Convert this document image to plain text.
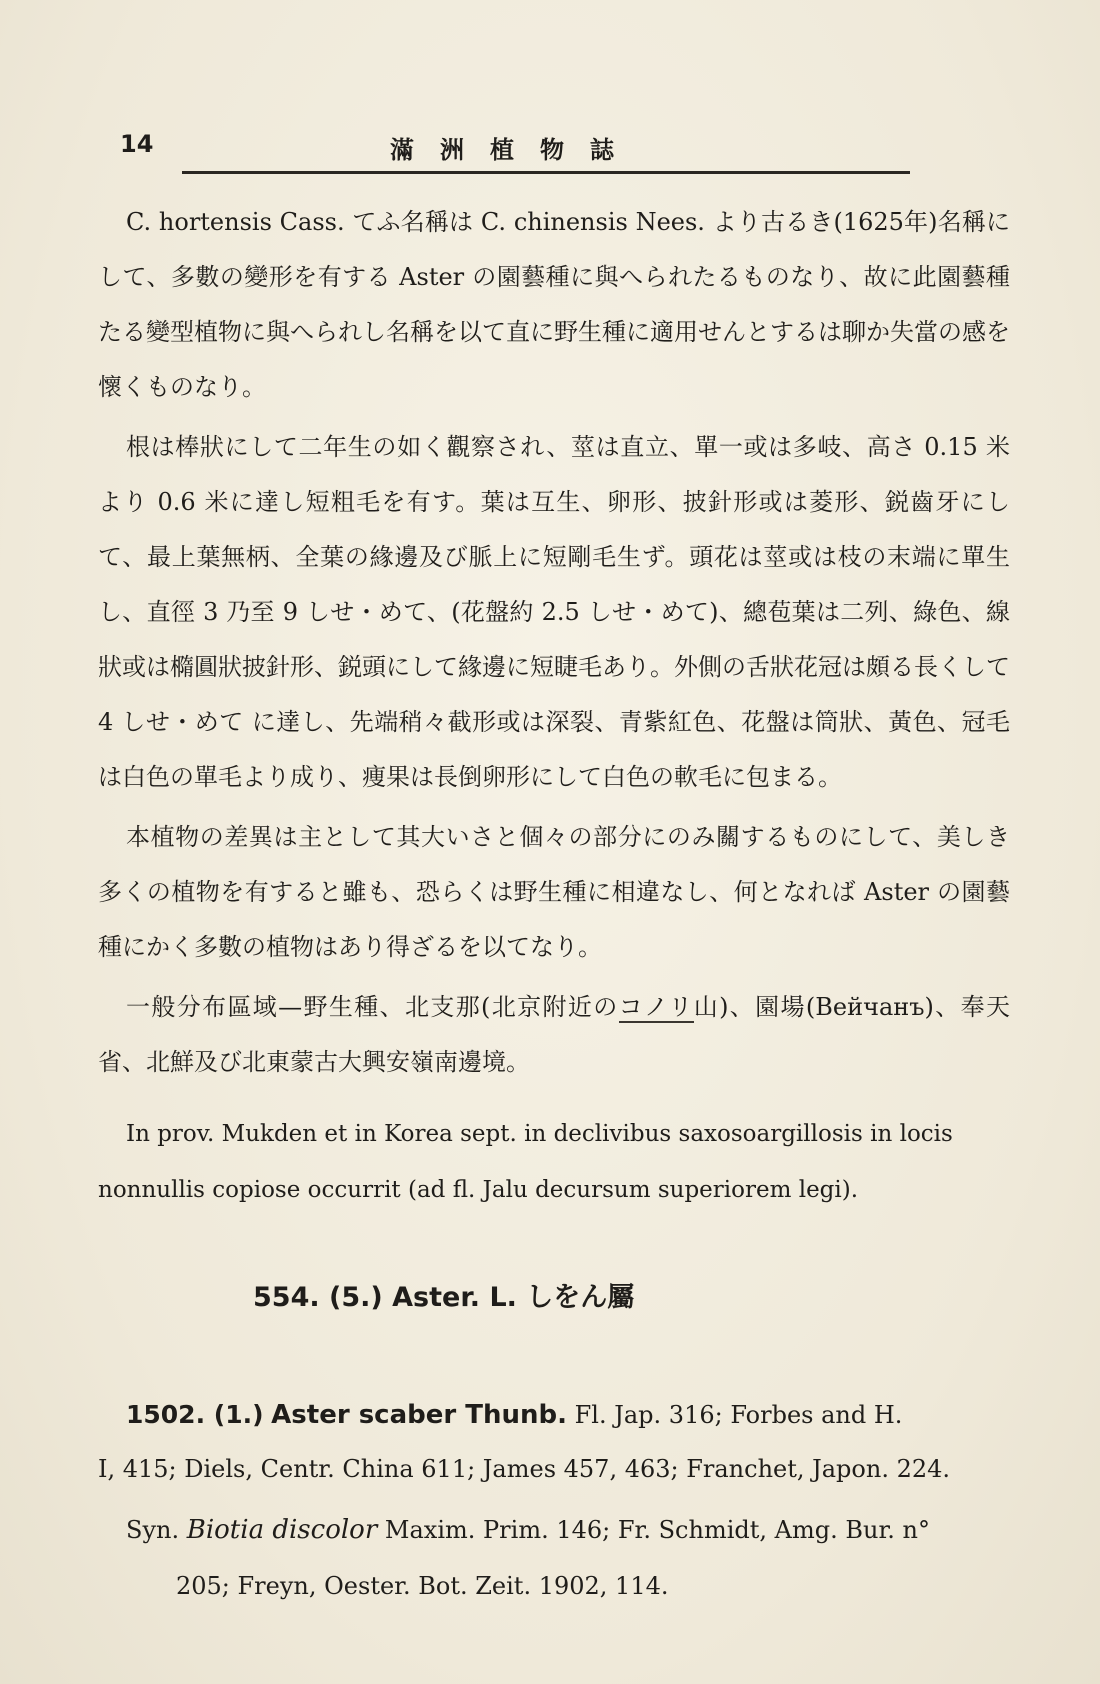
14	滿洲植物誌

C. hortensis Cass. てふ名稱は C. chinensis Nees. より古るき(1625年)名稱にして、多數の變形を有する Aster の園藝種に與へられたるものなり、故に此園藝種たる變型植物に與へられし名稱を以て直に野生種に適用せんとするは聊か失當の感を懷くものなり。

根は棒狀にして二年生の如く觀察され、莖は直立、單一或は多岐、高さ 0.15 米より 0.6 米に達し短粗毛を有す。葉は互生、卵形、披針形或は菱形、鋭齒牙にして、最上葉無柄、全葉の緣邊及び脈上に短剛毛生ず。頭花は莖或は枝の末端に單生し、直徑 3 乃至 9 しせ・めて、(花盤約 2.5 しせ・めて)、總苞葉は二列、綠色、線狀或は橢圓狀披針形、鋭頭にして緣邊に短睫毛あり。外側の舌狀花冠は頗る長くして 4 しせ・めて に達し、先端稍々截形或は深裂、青紫紅色、花盤は筒狀、黃色、冠毛は白色の單毛より成り、痩果は長倒卵形にして白色の軟毛に包まる。

本植物の差異は主として其大いさと個々の部分にのみ關するものにして、美しき多くの植物を有すると雖も、恐らくは野生種に相違なし、何となれば Aster の園藝種にかく多數の植物はあり得ざるを以てなり。

一般分布區域—野生種、北支那(北京附近のコノリ山)、園場(Вейчанъ)、奉天省、北鮮及び北東蒙古大興安嶺南邊境。

In prov. Mukden et in Korea sept. in declivibus saxosoargillosis in locis nonnullis copiose occurrit (ad fl. Jalu decursum superiorem legi).

554. (5.) Aster. L. しをん屬

1502. (1.) Aster scaber Thunb. Fl. Jap. 316; Forbes and H.

I, 415; Diels, Centr. China 611; James 457, 463; Franchet, Japon. 224.

Syn. Biotia discolor Maxim. Prim. 146; Fr. Schmidt, Amg. Bur. n°

205; Freyn, Oester. Bot. Zeit. 1902, 114.
